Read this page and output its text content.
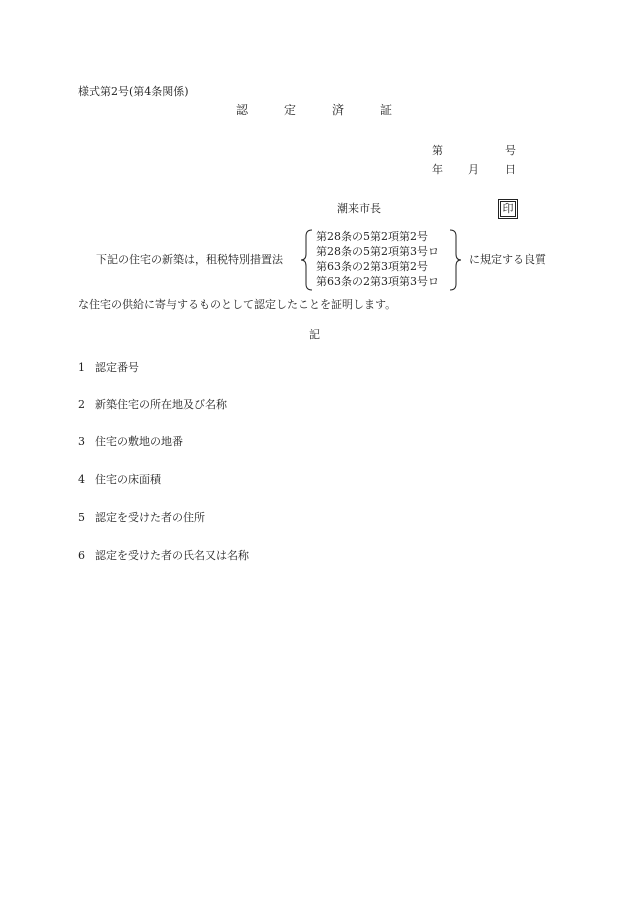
様式第2号(第4条関係)
認	定	済	証
第	号
年 月 日
潮来市長	印
下記の住宅の新築は，租税特別措置法
第28条の5第2項第2号
第28条の5第2項第3号ロ
第63条の2第3項第2号
第63条の2第3項第3号ロ
に規定する良質
な住宅の供給に寄与するものとして認定したことを証明します。
記
1 認定番号
2 新築住宅の所在地及び名称
3 住宅の敷地の地番
4 住宅の床面積
5 認定を受けた者の住所
6 認定を受けた者の氏名又は名称
